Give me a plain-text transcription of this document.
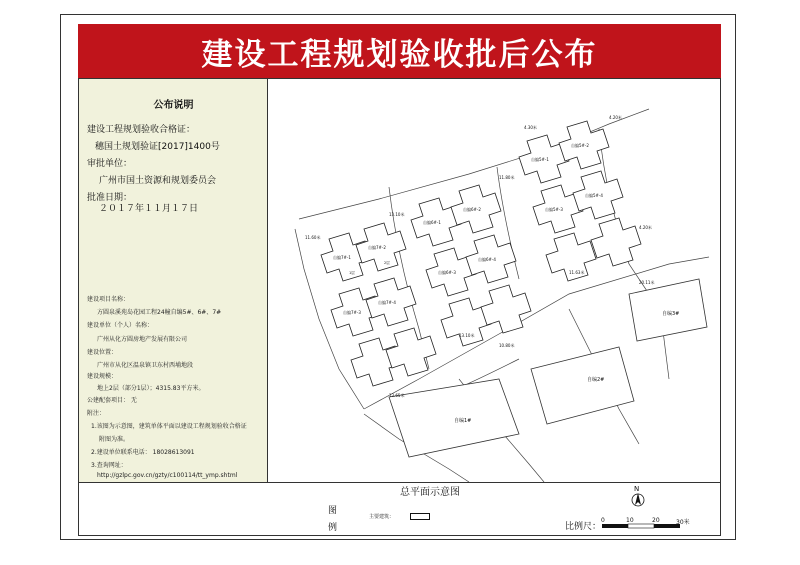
建设工程规划验收批后公布
公布说明
建设工程规划验收合格证：
穗国土规划验证[2017]1400号
审批单位：
广州市国土资源和规划委员会
批准日期：
２０１７年１１月１７日
建设项目名称：
方圆泉溪苑岛花园工程24幢自编5#、6#、7#
建设单位（个人）名称：
广州从化方圆房地产发展有限公司
建设位置：
广州市从化区温泉镇卫东村西埔地段
建设规模：
地上2层（部分1层）；4315.83平方米。
公建配套项目： 无
附注：
1.该图为示意图，建筑单体平面以建设工程规划验收合格证
附图为准。
2.建设单位联系电话： 18028613091
3.查询网址：
http://gzlpc.gov.cn/gzty/c100114/tt_ymp.shtml
自编1#
自编2#
自编3#
自编7#-1
自编7#-2
自编7#-3
自编7#-4
自编6#-1
自编6#-2
自编6#-3
自编6#-4
自编5#-1
自编5#-2
自编5#-3
自编5#-4
1层
2层
13.10米
11.80米
4.20米
11.60米
20.11米
13.10米
13.65米
10.80米
4.20米
4.30米
11.63米
总平面示意图
图
例
主要建筑：
N
比例尺：
0	10	20	30米
